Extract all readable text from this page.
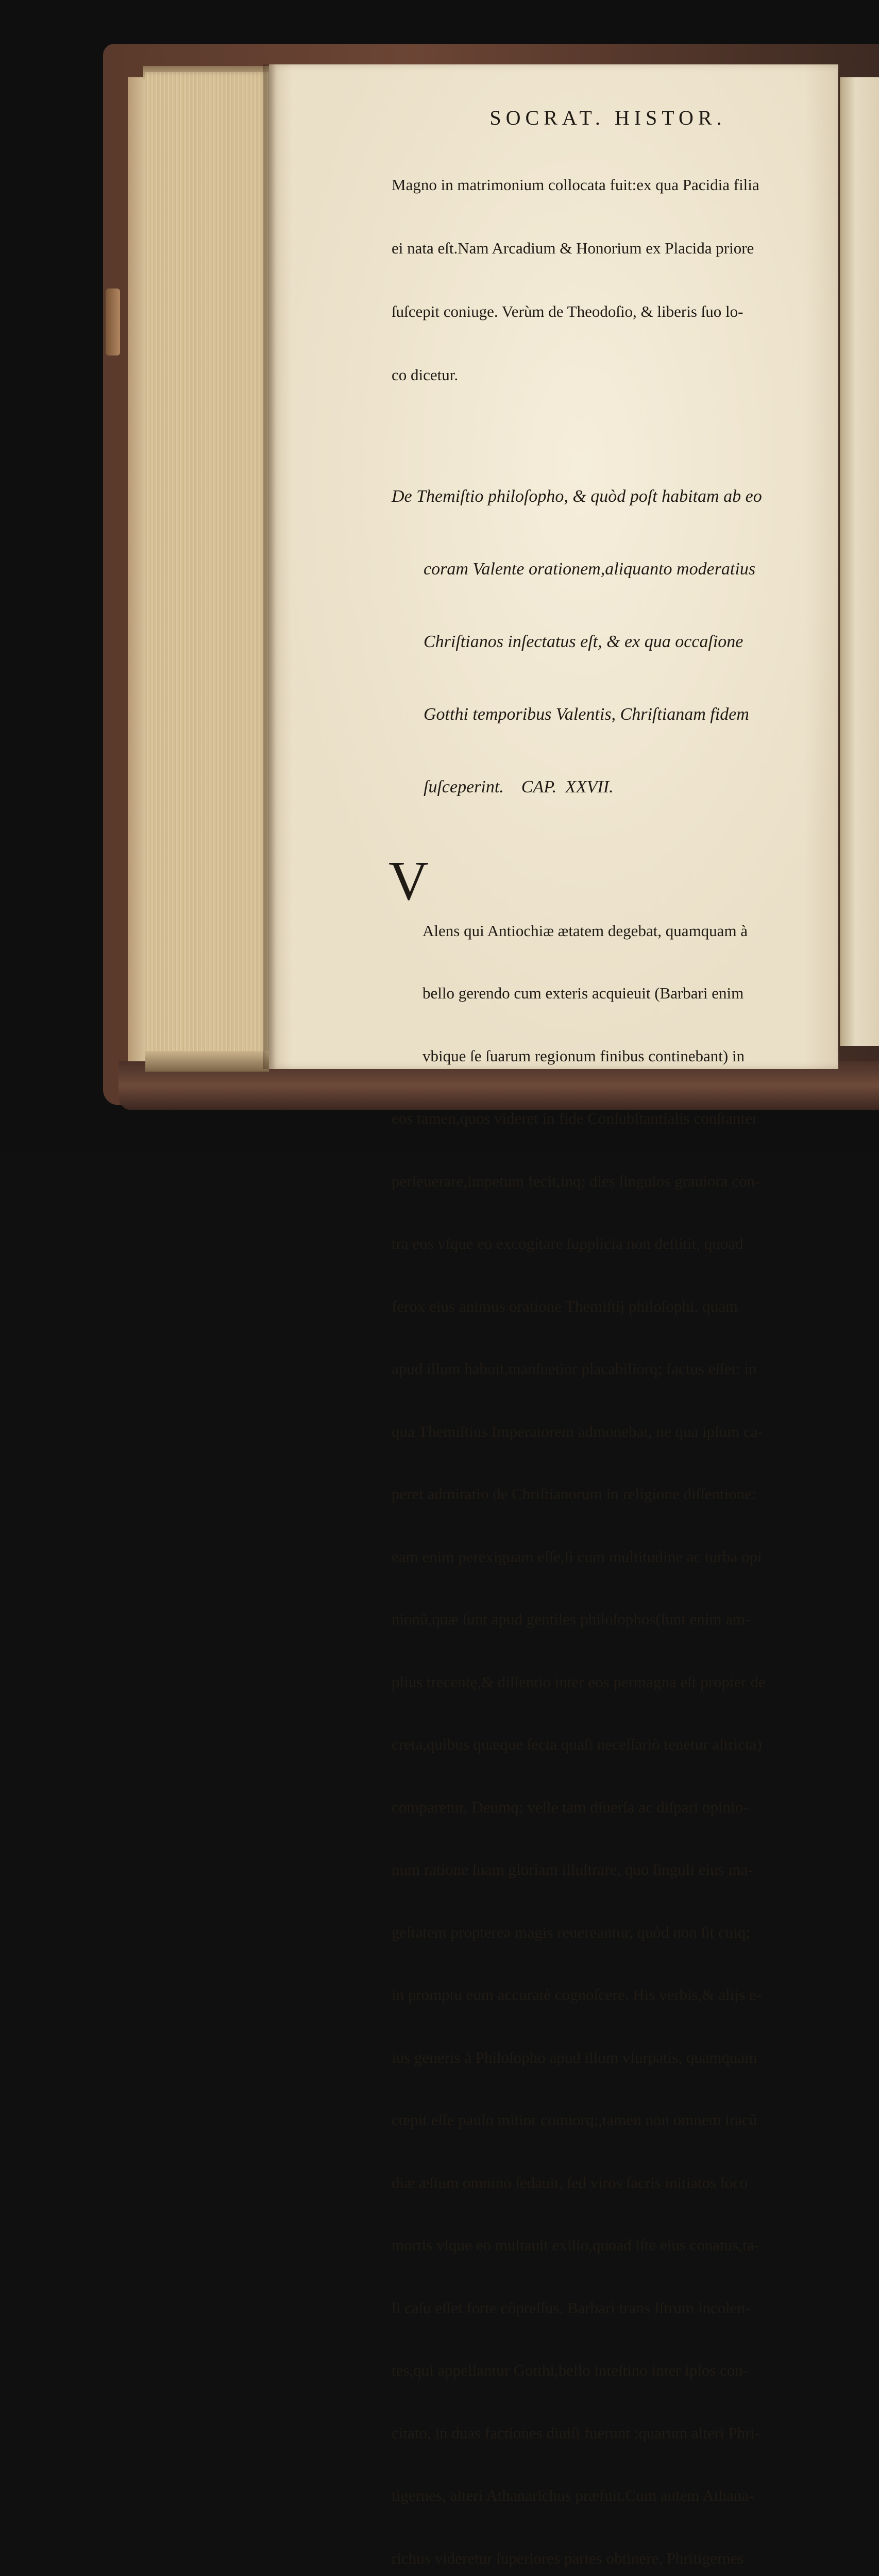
SOCRAT. HISTOR.

Magno in matrimonium collocata fuit:ex qua Pacidia filia

ei nata eſt.Nam Arcadium & Honorium ex Placida priore

ſuſcepit coniuge. Verùm de Theodoſio, & liberis ſuo lo-

co dicetur.

De Themiſtio philoſopho, & quòd poſt habitam ab eo

coram Valente orationem,aliquanto moderatius

Chriſtianos inſectatus eſt, & ex qua occaſione

Gotthi temporibus Valentis, Chriſtianam fidem

ſuſceperint.    CAP.  XXVII.

V

Alens qui Antiochiæ ætatem degebat, quamquam à

bello gerendo cum exteris acquieuit (Barbari enim

vbique ſe ſuarum regionum finibus continebant) in

eos tamen,quos videret in fide Conſubſtantialis conſtanter

perſeuerare,impetum fecit,inq; dies ſingulos grauiora con-

tra eos vſque eo excogitare ſupplicia non deſtitit, quoad

ferox eius animus oratione Themiſtij philoſophi, quam

apud illum habuit,manſuetior placabiliorq; factus eſſet: in

qua Themiſtius Imperatorem admonebat, ne qua ipſum ca-

peret admiratio de Chriſtianorum in religione diſſentione:

eam enim perexiguam eſſe,ſi cum multitudine ac turba opi

nionũ,quæ ſunt apud gentiles philoſophos(ſunt enim am-

plius trecentę,& diſſentio inter eos permagna eſt propter de

creta,quibus quæque ſecta quaſi neceſſariò tenetur aſtricta)

comparetur, Deumq; velle tam diuerſa ac diſpari opinio-

num ratione ſuam gloriam illuſtrare, quo ſinguli eius ma-

geſtatem propterea magis reuereantur, quòd non ſit cuiq;

in promptu eum accuratè cognoſcere. His verbis,& alijs e-

ius generis à Philoſopho apud illum vſurpatis, quamquam

cœpit eſſe paulo mitior comiorq;,tamen non omnem iracũ

diæ æſtum omnino ſedauit, ſed viros ſacris initiatos loco

mortis vſque eo multauit exilio,quoad iſte eius conatus,ta-

li caſu eſſet forte cõpreſſus. Barbari trans Iſtrum incolen-

tes,qui appellantur Gotthi,bello inteſtino inter ipſos con-

citato, in duas factiones diuiſi fuerunt :quarum alteri Phri-

tigernes, alteri Athanarichus præfuit.Cum autem Athana-

richus videretur ſuperiores partes obtinere, Phritigernes
